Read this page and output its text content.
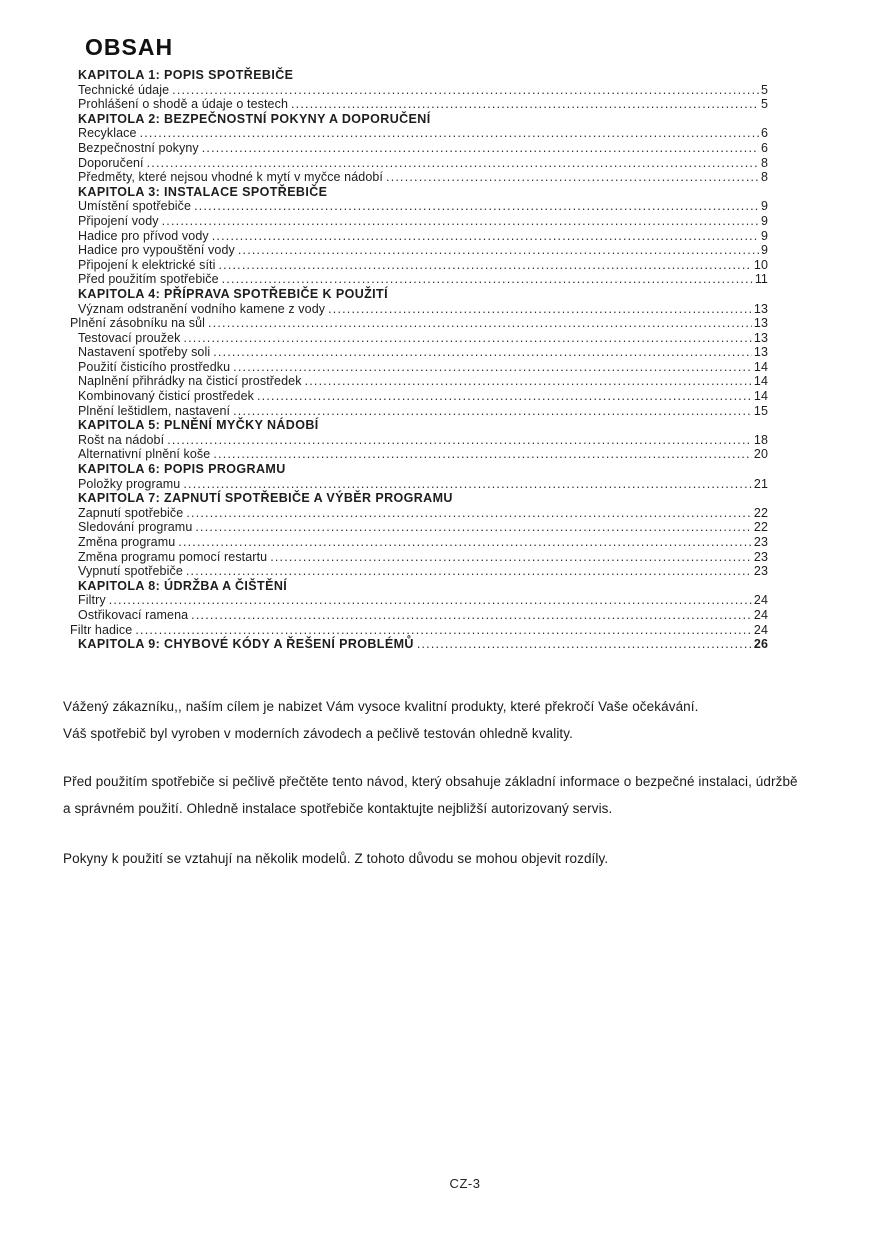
OBSAH
KAPITOLA 1: POPIS SPOTŘEBIČE
Technické údaje .....	5
Prohlášení o shodě a údaje o testech .....	5
KAPITOLA 2: BEZPEČNOSTNÍ POKYNY A DOPORUČENÍ
Recyklace .....	6
Bezpečnostní pokyny .....	6
Doporučení .....	8
Předměty, které nejsou vhodné k mytí v myčce nádobí .....	8
KAPITOLA 3: INSTALACE SPOTŘEBIČE
Umístění spotřebiče .....	9
Připojení vody .....	9
Hadice pro přívod vody .....	9
Hadice pro vypouštění vody .....	9
Připojení k elektrické síti .....	10
Před použitím spotřebiče .....	11
KAPITOLA 4: PŘÍPRAVA SPOTŘEBIČE K POUŽITÍ
Význam odstranění vodního kamene z vody .....	13
Plnění zásobníku na sůl .....	13
Testovací proužek .....	13
Nastavení spotřeby soli .....	13
Použití čisticího prostředku .....	14
Naplnění přihrádky na čisticí prostředek .....	14
Kombinovaný čisticí prostředek .....	14
Plnění leštidlem, nastavení .....	15
KAPITOLA 5: PLNĚNÍ MYČKY NÁDOBÍ
Rošt na nádobí .....	18
Alternativní plnění koše .....	20
KAPITOLA 6: POPIS PROGRAMU
Položky programu .....	21
KAPITOLA 7: ZAPNUTÍ SPOTŘEBIČE A VÝBĚR PROGRAMU
Zapnutí spotřebiče .....	22
Sledování programu .....	22
Změna programu .....	23
Změna programu pomocí restartu .....	23
Vypnutí spotřebiče .....	23
KAPITOLA 8: ÚDRŽBA A ČIŠTĚNÍ
Filtry .....	24
Ostřikovací ramena .....	24
Filtr hadice .....	24
KAPITOLA 9: CHYBOVÉ KÓDY A ŘEŠENÍ PROBLÉMŮ .....	26
Vážený zákazníku,, naším cílem je nabizet Vám vysoce kvalitní produkty, které překročí Vaše očekávání.
Váš spotřebič byl vyroben v moderních závodech a pečlivě testován ohledně kvality.
Před použitím spotřebiče si pečlivě přečtěte tento návod, který obsahuje základní informace o bezpečné instalaci, údržbě a správném použití. Ohledně instalace spotřebiče kontaktujte nejbližší autorizovaný servis.
Pokyny k použití se vztahují na několik modelů. Z tohoto důvodu se mohou objevit rozdíly.
CZ-3
